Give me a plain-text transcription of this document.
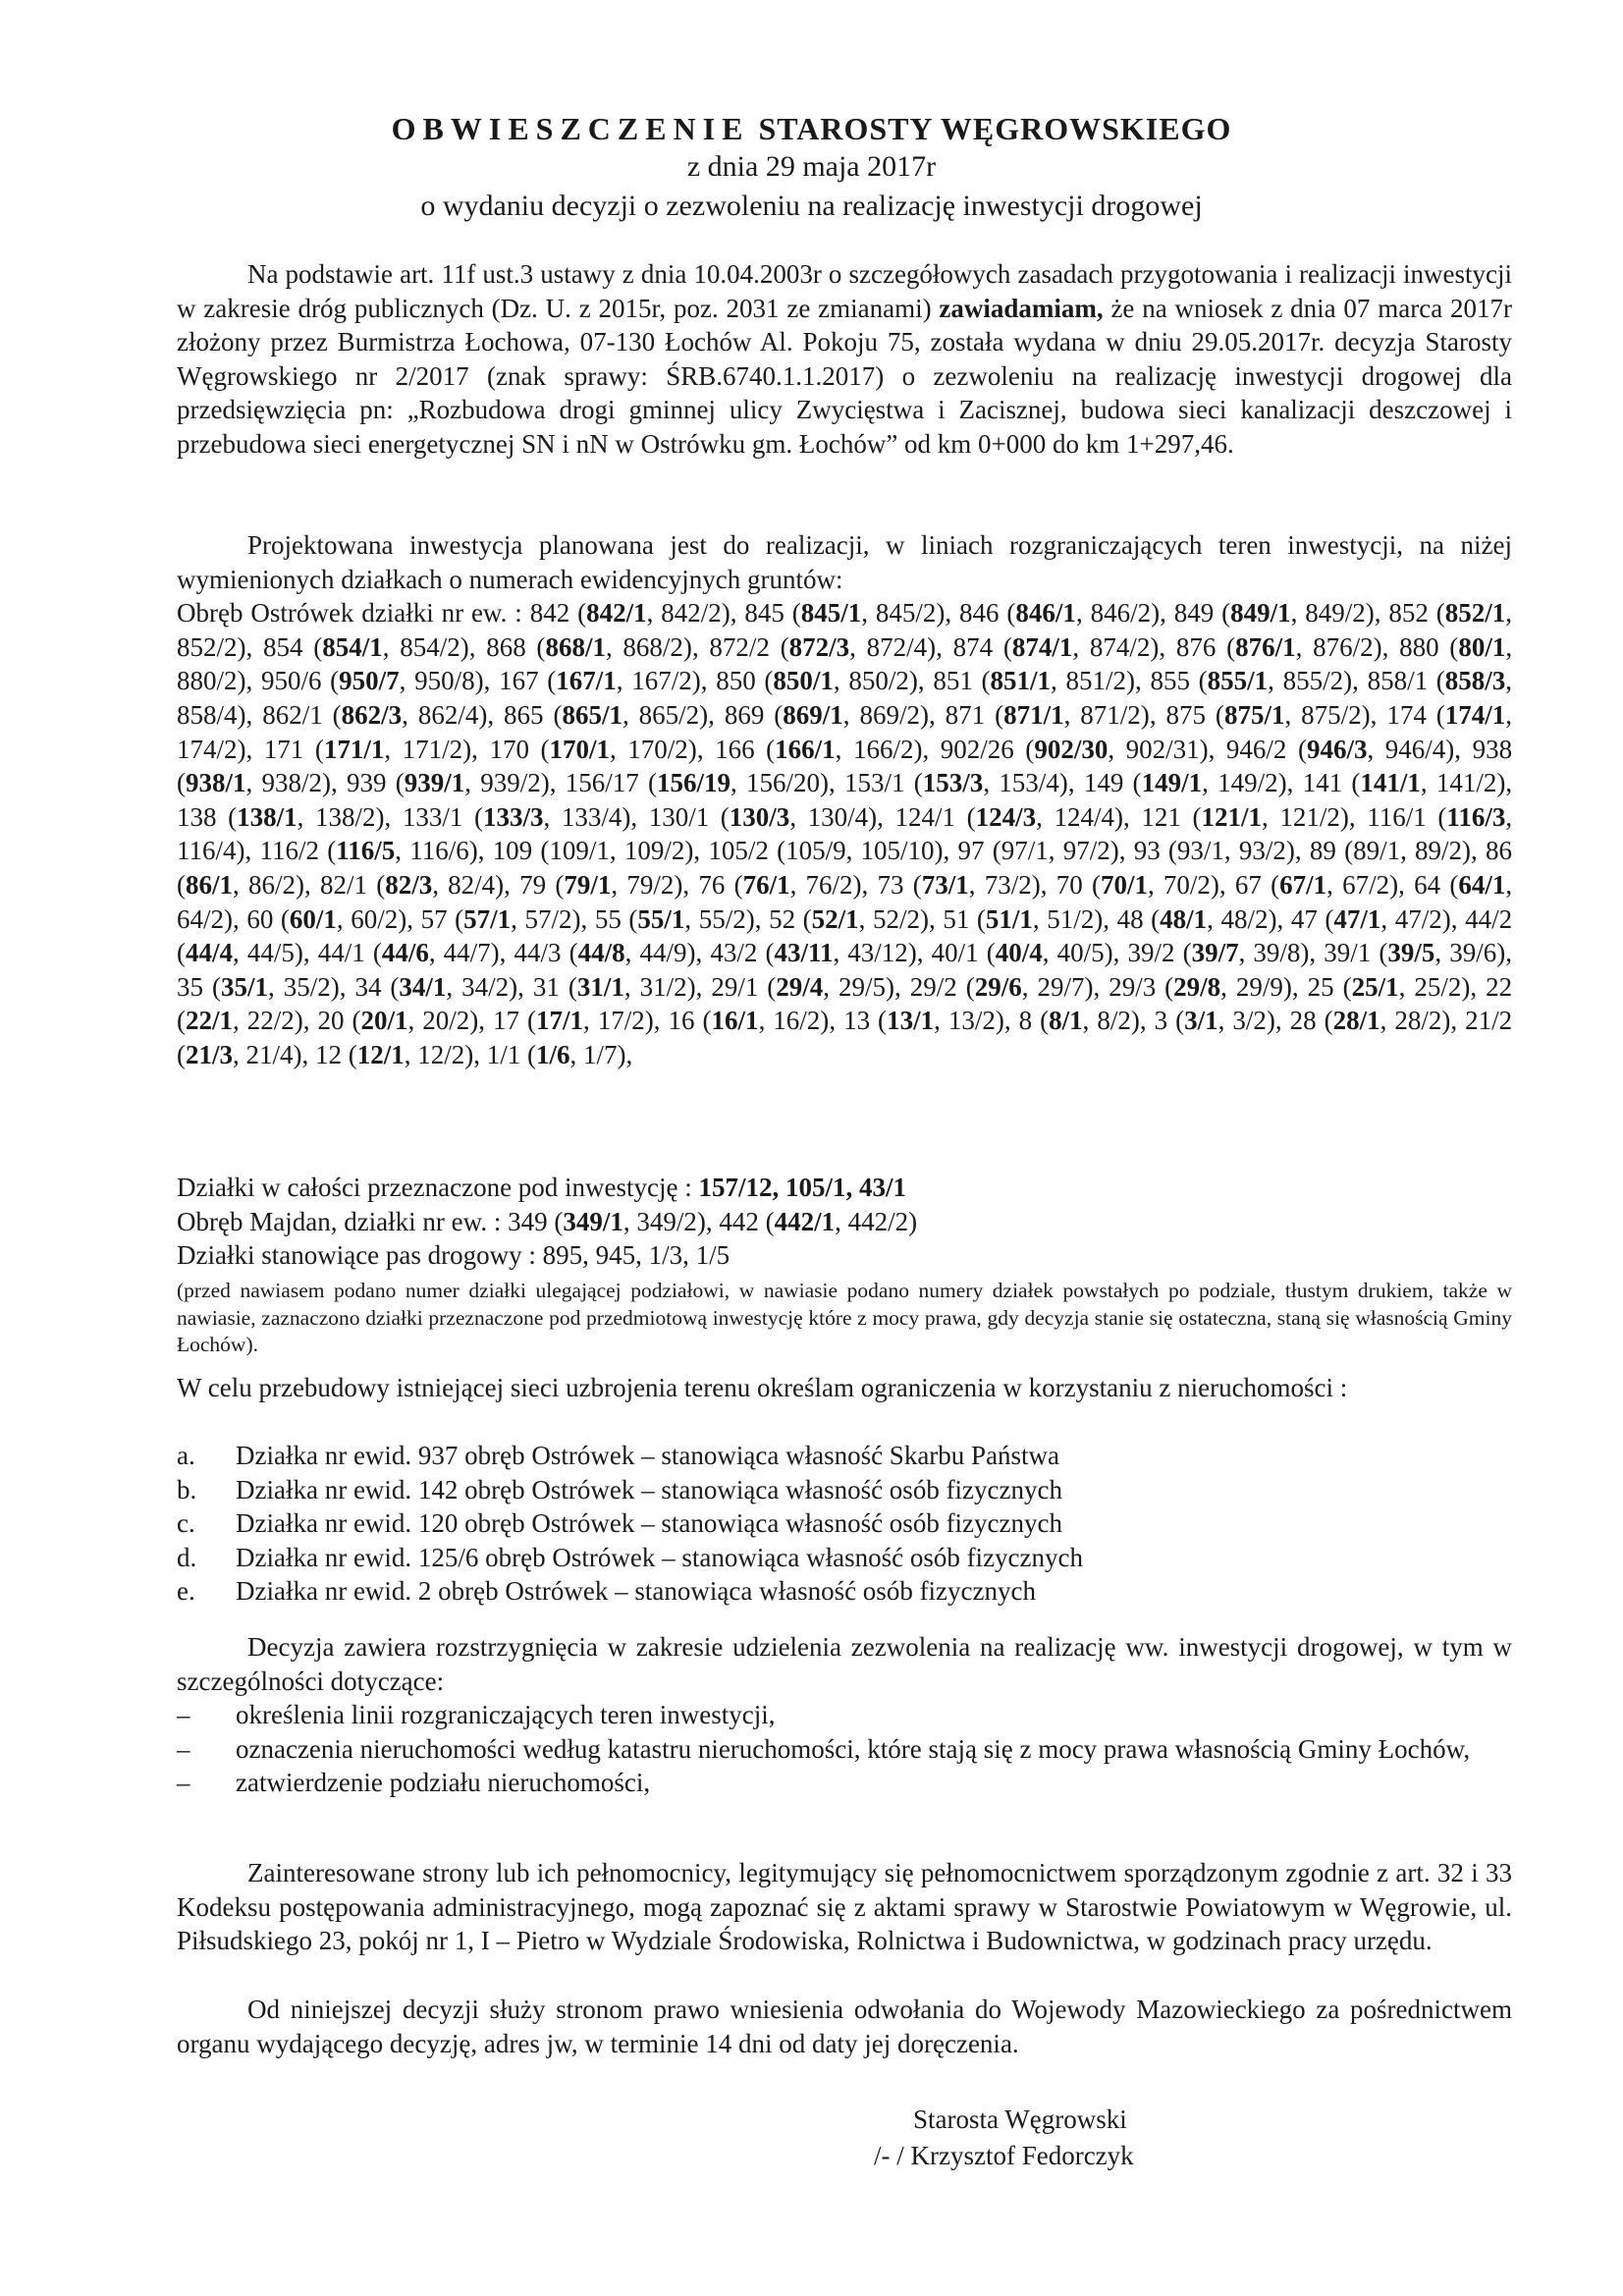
OBWIESZCZENIE STAROSTY WĘGROWSKIEGO
z dnia 29 maja 2017r
o wydaniu decyzji o zezwoleniu na realizację inwestycji drogowej

Na podstawie art. 11f ust.3 ustawy z dnia 10.04.2003r o szczegółowych zasadach przygotowania i realizacji inwestycji w zakresie dróg publicznych (Dz. U. z 2015r, poz. 2031 ze zmianami) zawiadamiam, że na wniosek z dnia 07 marca 2017r złożony przez Burmistrza Łochowa, 07-130 Łochów Al. Pokoju 75, została wydana w dniu 29.05.2017r. decyzja Starosty Węgrowskiego nr 2/2017 (znak sprawy: ŚRB.6740.1.1.2017) o zezwoleniu na realizację inwestycji drogowej dla przedsięwzięcia pn: „Rozbudowa drogi gminnej ulicy Zwycięstwa i Zacisznej, budowa sieci kanalizacji deszczowej i przebudowa sieci energetycznej SN i nN w Ostrówku gm. Łochów” od km 0+000 do km 1+297,46.

Projektowana inwestycja planowana jest do realizacji, w liniach rozgraniczających teren inwestycji, na niżej wymienionych działkach o numerach ewidencyjnych gruntów:
Obręb Ostrówek działki nr ew. : 842 (842/1, 842/2), 845 (845/1, 845/2), 846 (846/1, 846/2), 849 (849/1, 849/2), 852 (852/1, 852/2), 854 (854/1, 854/2), 868 (868/1, 868/2), 872/2 (872/3, 872/4), 874 (874/1, 874/2), 876 (876/1, 876/2), 880 (80/1, 880/2), 950/6 (950/7, 950/8), 167 (167/1, 167/2), 850 (850/1, 850/2), 851 (851/1, 851/2), 855 (855/1, 855/2), 858/1 (858/3, 858/4), 862/1 (862/3, 862/4), 865 (865/1, 865/2), 869 (869/1, 869/2), 871 (871/1, 871/2), 875 (875/1, 875/2), 174 (174/1, 174/2), 171 (171/1, 171/2), 170 (170/1, 170/2), 166 (166/1, 166/2), 902/26 (902/30, 902/31), 946/2 (946/3, 946/4), 938 (938/1, 938/2), 939 (939/1, 939/2), 156/17 (156/19, 156/20), 153/1 (153/3, 153/4), 149 (149/1, 149/2), 141 (141/1, 141/2), 138 (138/1, 138/2), 133/1 (133/3, 133/4), 130/1 (130/3, 130/4), 124/1 (124/3, 124/4), 121 (121/1, 121/2), 116/1 (116/3, 116/4), 116/2 (116/5, 116/6), 109 (109/1, 109/2), 105/2 (105/9, 105/10), 97 (97/1, 97/2), 93 (93/1, 93/2), 89 (89/1, 89/2), 86 (86/1, 86/2), 82/1 (82/3, 82/4), 79 (79/1, 79/2), 76 (76/1, 76/2), 73 (73/1, 73/2), 70 (70/1, 70/2), 67 (67/1, 67/2), 64 (64/1, 64/2), 60 (60/1, 60/2), 57 (57/1, 57/2), 55 (55/1, 55/2), 52 (52/1, 52/2), 51 (51/1, 51/2), 48 (48/1, 48/2), 47 (47/1, 47/2), 44/2 (44/4, 44/5), 44/1 (44/6, 44/7), 44/3 (44/8, 44/9), 43/2 (43/11, 43/12), 40/1 (40/4, 40/5), 39/2 (39/7, 39/8), 39/1 (39/5, 39/6), 35 (35/1, 35/2), 34 (34/1, 34/2), 31 (31/1, 31/2), 29/1 (29/4, 29/5), 29/2 (29/6, 29/7), 29/3 (29/8, 29/9), 25 (25/1, 25/2), 22 (22/1, 22/2), 20 (20/1, 20/2), 17 (17/1, 17/2), 16 (16/1, 16/2), 13 (13/1, 13/2), 8 (8/1, 8/2), 3 (3/1, 3/2), 28 (28/1, 28/2), 21/2 (21/3, 21/4), 12 (12/1, 12/2), 1/1 (1/6, 1/7),

Działki w całości przeznaczone pod inwestycję : 157/12, 105/1, 43/1
Obręb Majdan, działki nr ew. : 349 (349/1, 349/2), 442 (442/1, 442/2)
Działki stanowiące pas drogowy : 895, 945, 1/3, 1/5

(przed nawiasem podano numer działki ulegającej podziałowi, w nawiasie podano numery działek powstałych po podziale, tłustym drukiem, także w nawiasie, zaznaczono działki przeznaczone pod przedmiotową inwestycję które z mocy prawa, gdy decyzja stanie się ostateczna, staną się własnością Gminy Łochów).

W celu przebudowy istniejącej sieci uzbrojenia terenu określam ograniczenia w korzystaniu z nieruchomości :

a. Działka nr ewid. 937 obręb Ostrówek – stanowiąca własność Skarbu Państwa
b. Działka nr ewid. 142 obręb Ostrówek – stanowiąca własność osób fizycznych
c. Działka nr ewid. 120 obręb Ostrówek – stanowiąca własność osób fizycznych
d. Działka nr ewid. 125/6 obręb Ostrówek – stanowiąca własność osób fizycznych
e. Działka nr ewid. 2 obręb Ostrówek – stanowiąca własność osób fizycznych

Decyzja zawiera rozstrzygnięcia w zakresie udzielenia zezwolenia na realizację ww. inwestycji drogowej, w tym w szczególności dotyczące:

– określenia linii rozgraniczających teren inwestycji,
– oznaczenia nieruchomości według katastru nieruchomości, które stają się z mocy prawa własnością Gminy Łochów,
– zatwierdzenie podziału nieruchomości,

Zainteresowane strony lub ich pełnomocnicy, legitymujący się pełnomocnictwem sporządzonym zgodnie z art. 32 i 33 Kodeksu postępowania administracyjnego, mogą zapoznać się z aktami sprawy w Starostwie Powiatowym w Węgrowie, ul. Piłsudskiego 23, pokój nr 1, I – Pietro w Wydziale Środowiska, Rolnictwa i Budownictwa, w godzinach pracy urzędu.

Od niniejszej decyzji służy stronom prawo wniesienia odwołania do Wojewody Mazowieckiego za pośrednictwem organu wydającego decyzję, adres jw, w terminie 14 dni od daty jej doręczenia.

Starosta Węgrowski
/- / Krzysztof Fedorczyk
